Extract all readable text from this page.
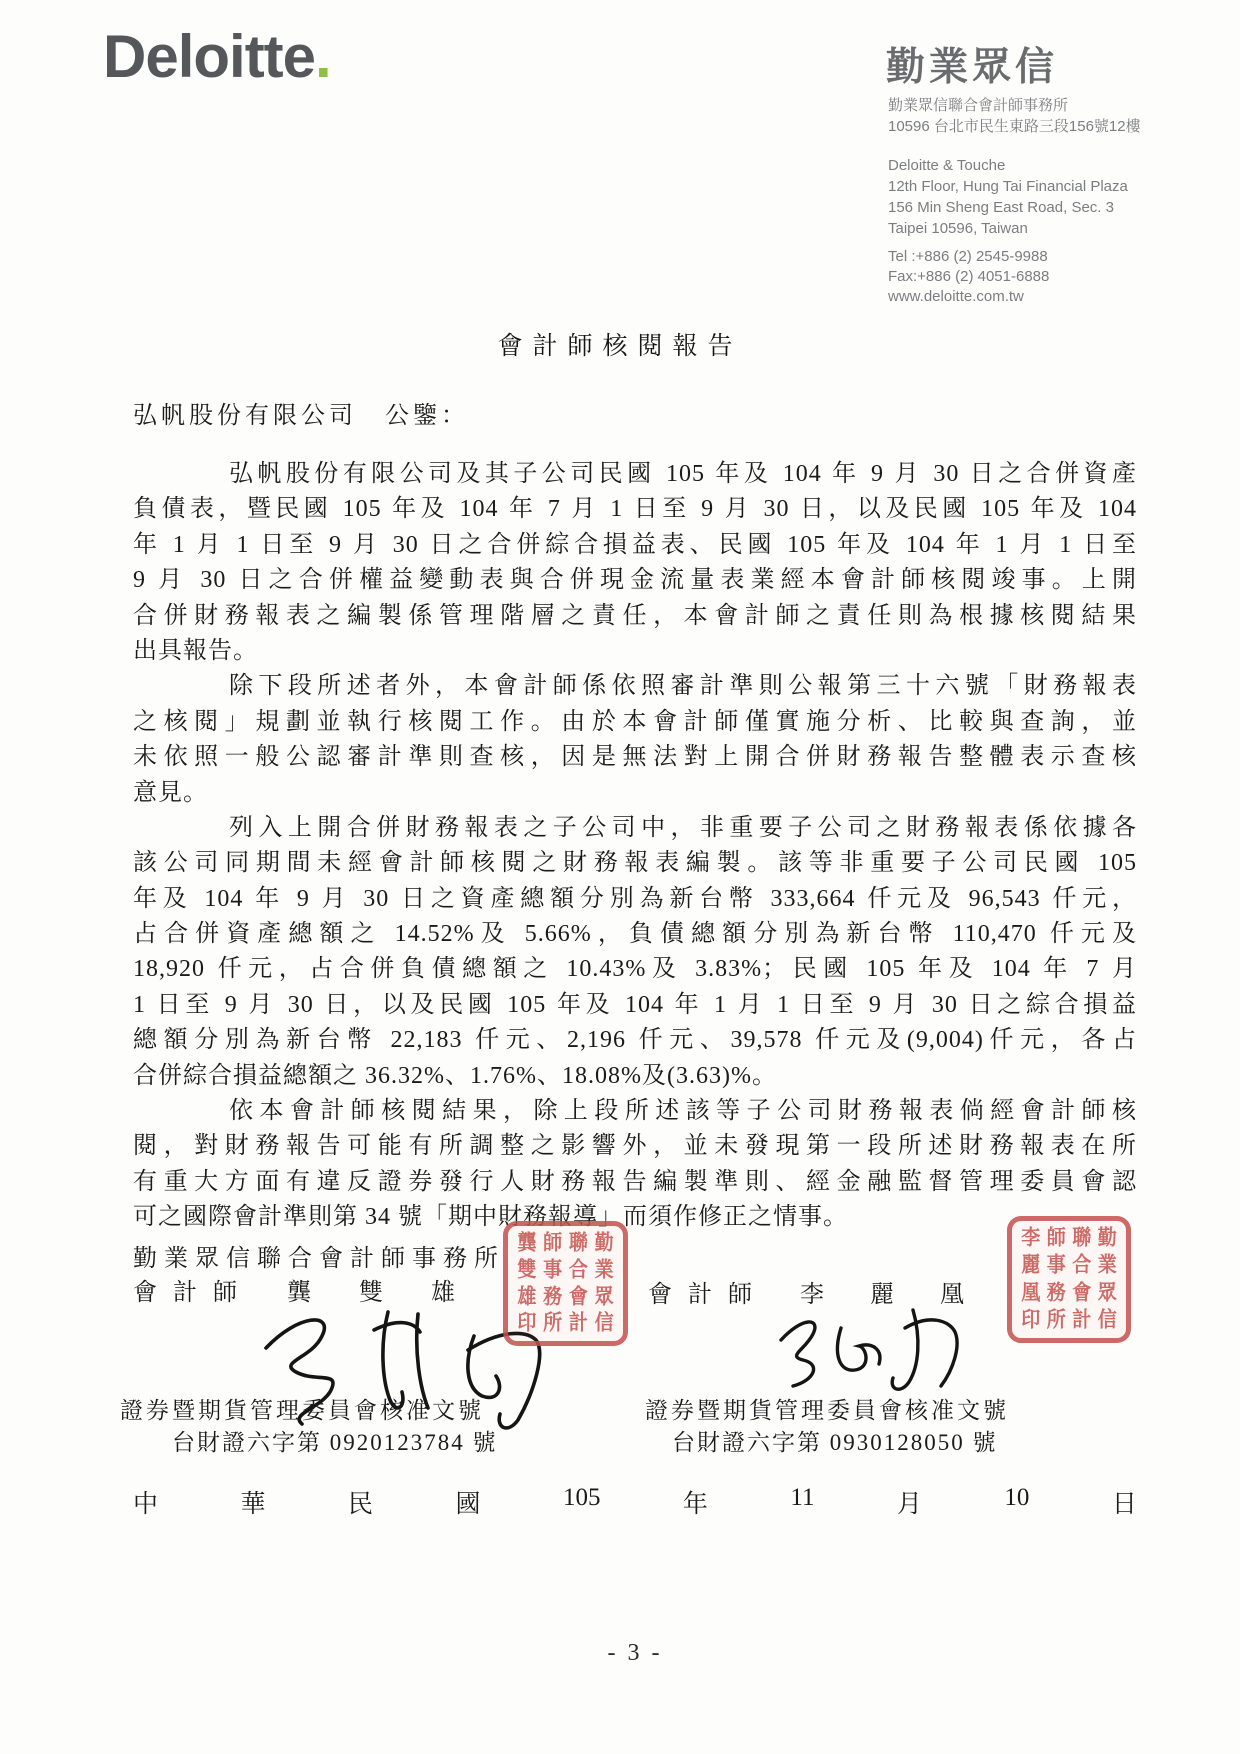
Deloitte.	勤業眾信
勤業眾信聯合會計師事務所
10596 台北市民生東路三段156號12樓
Deloitte & Touche
12th Floor, Hung Tai Financial Plaza
156 Min Sheng East Road, Sec. 3
Taipei 10596, Taiwan
Tel :+886 (2) 2545-9988
Fax:+886 (2) 4051-6888
www.deloitte.com.tw
會計師核閱報告
弘帆股份有限公司　公鑒：
弘帆股份有限公司及其子公司民國 105 年及 104 年 9 月 30 日之合併資產
負債表，暨民國 105 年及 104 年 7 月 1 日至 9 月 30 日，以及民國 105 年及 104
年 1 月 1 日至 9 月 30 日之合併綜合損益表、民國 105 年及 104 年 1 月 1 日至
9 月 30 日之合併權益變動表與合併現金流量表業經本會計師核閱竣事。上開
合併財務報表之編製係管理階層之責任，本會計師之責任則為根據核閱結果
出具報告。
除下段所述者外，本會計師係依照審計準則公報第三十六號「財務報表
之核閱」規劃並執行核閱工作。由於本會計師僅實施分析、比較與查詢，並
未依照一般公認審計準則查核，因是無法對上開合併財務報告整體表示查核
意見。
列入上開合併財務報表之子公司中，非重要子公司之財務報表係依據各
該公司同期間未經會計師核閱之財務報表編製。該等非重要子公司民國 105
年及 104 年 9 月 30 日之資產總額分別為新台幣 333,664 仟元及 96,543 仟元，
占合併資產總額之 14.52%及 5.66%，負債總額分別為新台幣 110,470 仟元及
18,920 仟元，占合併負債總額之 10.43%及 3.83%；民國 105 年及 104 年 7 月
1 日至 9 月 30 日，以及民國 105 年及 104 年 1 月 1 日至 9 月 30 日之綜合損益
總額分別為新台幣 22,183 仟元、2,196 仟元、39,578 仟元及(9,004)仟元，各占
合併綜合損益總額之 36.32%、1.76%、18.08%及(3.63)%。
依本會計師核閱結果，除上段所述該等子公司財務報表倘經會計師核
閱，對財務報告可能有所調整之影響外，並未發現第一段所述財務報表在所
有重大方面有違反證券發行人財務報告編製準則、經金融監督管理委員會認
可之國際會計準則第 34 號「期中財務報導」而須作修正之情事。
勤業眾信聯合會計師事務所
會計師 龔雙雄	會計師 李麗凰
勤
業
眾
信
聯
合
會
計
師
事
務
所
龔
雙
雄
印
勤
業
眾
信
聯
合
會
計
師
事
務
所
李
麗
凰
印
證券暨期貨管理委員會核准文號
台財證六字第 0920123784 號
證券暨期貨管理委員會核准文號
台財證六字第 0930128050 號
中	華	民	國	105	年	11	月	10	日
- 3 -
